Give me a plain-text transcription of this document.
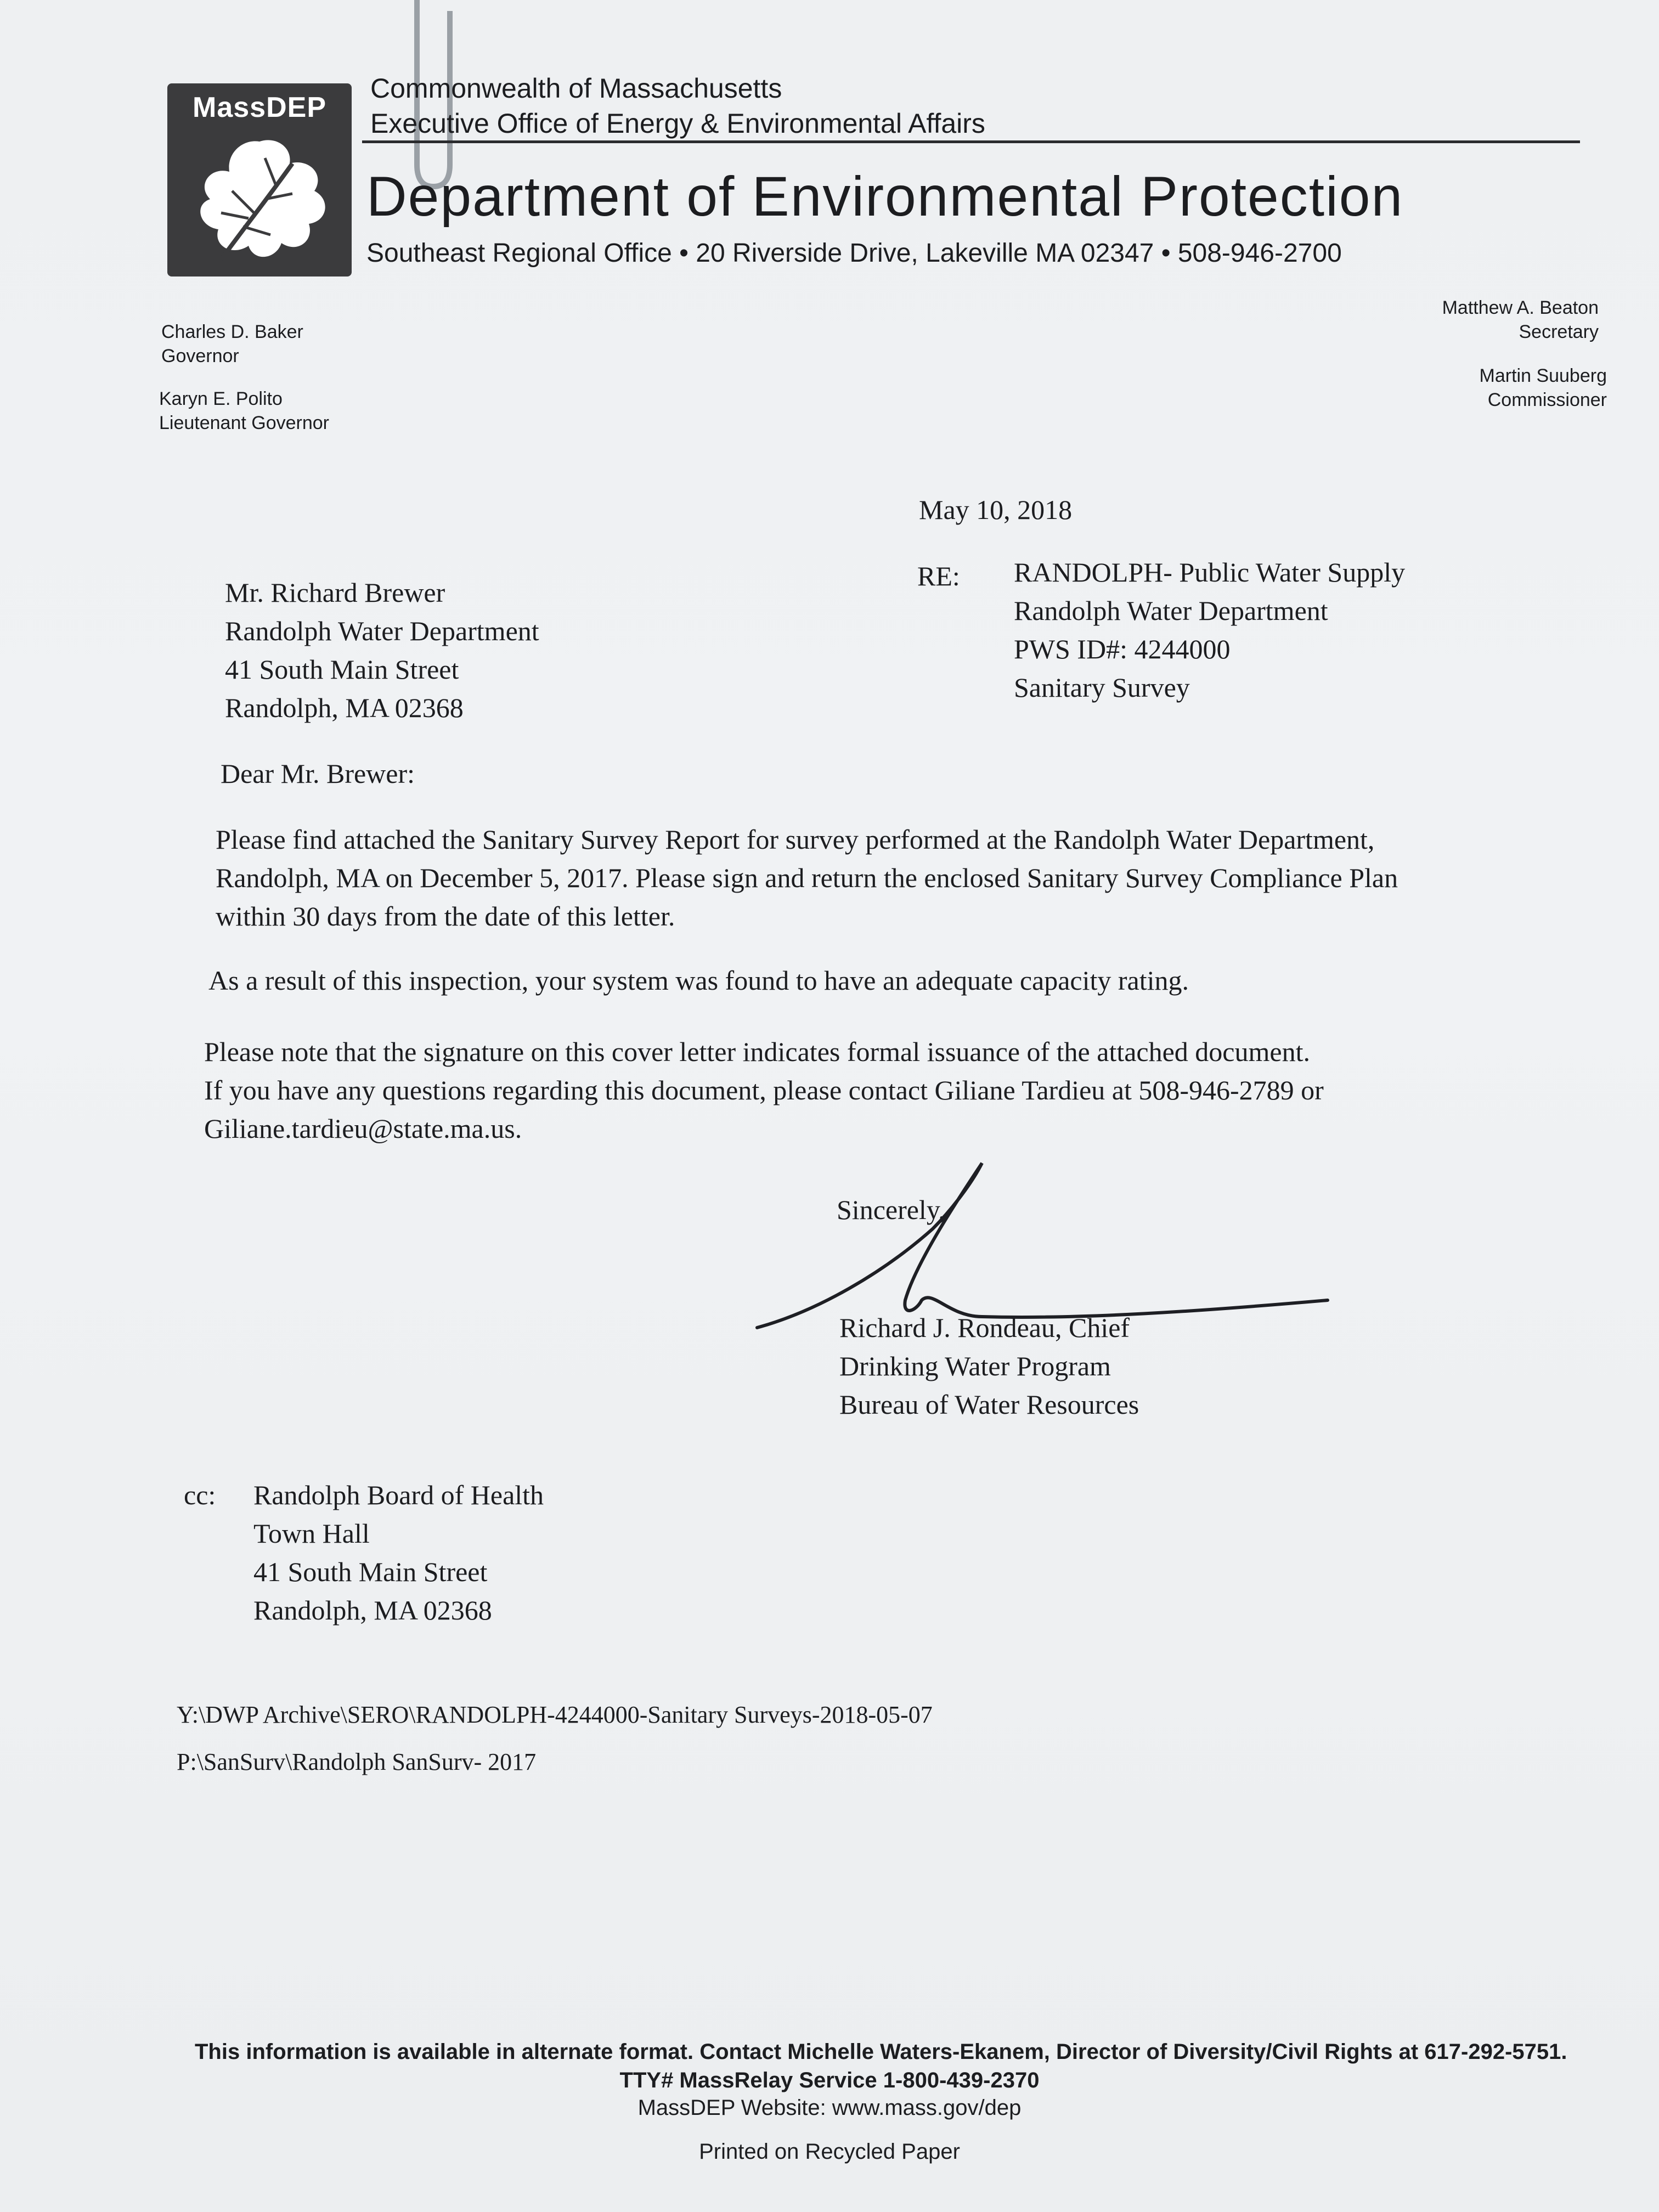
MassDEP
Commonwealth of Massachusetts
Executive Office of Energy & Environmental Affairs
Department of Environmental Protection
Southeast Regional Office • 20 Riverside Drive, Lakeville MA 02347 • 508-946-2700
Charles D. Baker
Governor
Karyn E. Polito
Lieutenant Governor
Matthew A. Beaton
Secretary
Martin Suuberg
Commissioner
May 10, 2018
Mr. Richard Brewer
Randolph Water Department
41 South Main Street
Randolph, MA 02368
RE: RANDOLPH- Public Water Supply
Randolph Water Department
PWS ID#: 4244000
Sanitary Survey
Dear Mr. Brewer:
Please find attached the Sanitary Survey Report for survey performed at the Randolph Water Department,
Randolph, MA on December 5, 2017. Please sign and return the enclosed Sanitary Survey Compliance Plan
within 30 days from the date of this letter.
As a result of this inspection, your system was found to have an adequate capacity rating.
Please note that the signature on this cover letter indicates formal issuance of the attached document.
If you have any questions regarding this document, please contact Giliane Tardieu at 508-946-2789 or
Giliane.tardieu@state.ma.us.
Sincerely,
Richard J. Rondeau, Chief
Drinking Water Program
Bureau of Water Resources
cc: Randolph Board of Health
Town Hall
41 South Main Street
Randolph, MA 02368
Y:\DWP Archive\SERO\RANDOLPH-4244000-Sanitary Surveys-2018-05-07
P:\SanSurv\Randolph SanSurv- 2017
This information is available in alternate format. Contact Michelle Waters-Ekanem, Director of Diversity/Civil Rights at 617-292-5751.
TTY# MassRelay Service 1-800-439-2370
MassDEP Website: www.mass.gov/dep
Printed on Recycled Paper
